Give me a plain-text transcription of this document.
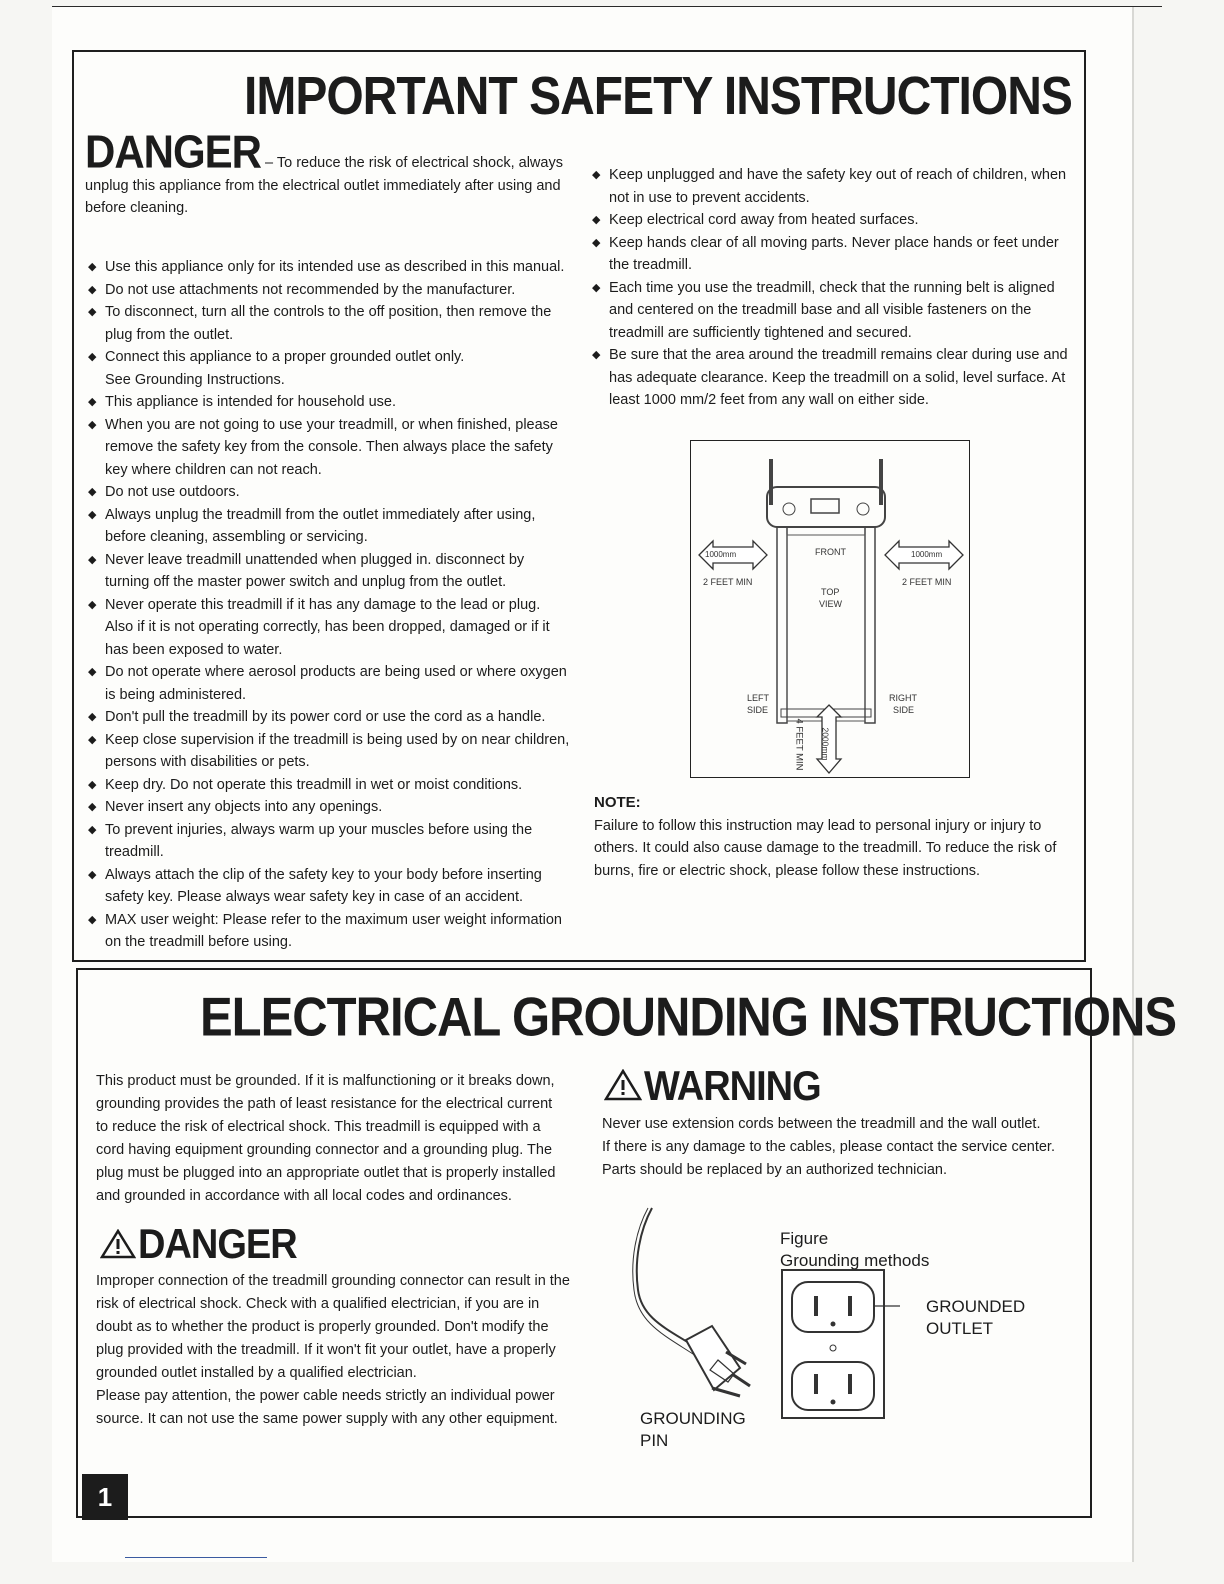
IMPORTANT SAFETY INSTRUCTIONS
DANGER – To reduce the risk of electrical shock, always unplug this appliance from the electrical outlet immediately after using and before cleaning.
◆ Use this appliance only for its intended use as described in this manual.
◆ Do not use attachments not recommended by the manufacturer.
◆ To disconnect, turn all the controls to the off position, then remove the plug from the outlet.
◆ Connect this appliance to a proper grounded outlet only.
See Grounding Instructions.
◆ This appliance is intended for household use.
◆ When you are not going to use your treadmill, or when finished, please remove the safety key from the console. Then always place the safety key where children can not reach.
◆ Do not use outdoors.
◆ Always unplug the treadmill from the outlet immediately after using, before cleaning, assembling or servicing.
◆ Never leave treadmill unattended when plugged in. disconnect by turning off the master power switch and unplug from the outlet.
◆ Never operate this treadmill if it has any damage to the lead or plug. Also if it is not operating correctly, has been dropped, damaged or if it has been exposed to water.
◆ Do not operate where aerosol products are being used or where oxygen is being administered.
◆ Don't pull the treadmill by its power cord or use the cord as a handle.
◆ Keep close supervision if the treadmill is being used by on near children, persons with disabilities or pets.
◆ Keep dry. Do not operate this treadmill in wet or moist conditions.
◆ Never insert any objects into any openings.
◆ To prevent injuries, always warm up your muscles before using the treadmill.
◆ Always attach the clip of the safety key to your body before inserting safety key. Please always wear safety key in case of an accident.
◆ MAX user weight: Please refer to the maximum user weight information on the treadmill before using.
◆ Keep unplugged and have the safety key out of reach of children, when not in use to prevent accidents.
◆ Keep electrical cord away from heated surfaces.
◆ Keep hands clear of all moving parts. Never place hands or feet under the treadmill.
◆ Each time you use the treadmill, check that the running belt is aligned and centered on the treadmill base and all visible fasteners on the treadmill are sufficiently tightened and secured.
◆ Be sure that the area around the treadmill remains clear during use and has adequate clearance. Keep the treadmill on a solid, level surface. At least 1000 mm/2 feet from any wall on either side.
1000mm	1000mm
2 FEET MIN	2 FEET MIN
FRONT
TOP
VIEW
LEFT
SIDE
RIGHT
SIDE
4 FEET MIN 2000mm
NOTE:
Failure to follow this instruction may lead to personal injury or injury to others. It could also cause damage to the treadmill. To reduce the risk of burns, fire or electric shock, please follow these instructions.
ELECTRICAL GROUNDING INSTRUCTIONS
This product must be grounded. If it is malfunctioning or it breaks down, grounding provides the path of least resistance for the electrical current to reduce the risk of electrical shock. This treadmill is equipped with a cord having equipment grounding connector and a grounding plug. The plug must be plugged into an appropriate outlet that is properly installed and grounded in accordance with all local codes and ordinances.
DANGER
Improper connection of the treadmill grounding connector can result in the risk of electrical shock. Check with a qualified electrician, if you are in doubt as to whether the product is properly grounded. Don't modify the plug provided with the treadmill. If it won't fit your outlet, have a properly grounded outlet installed by a qualified electrician.
Please pay attention, the power cable needs strictly an individual power source. It can not use the same power supply with any other equipment.
WARNING
Never use extension cords between the treadmill and the wall outlet.
If there is any damage to the cables, please contact the service center.
Parts should be replaced by an authorized technician.
Figure
Grounding methods
GROUNDED
OUTLET
GROUNDING
PIN
1
